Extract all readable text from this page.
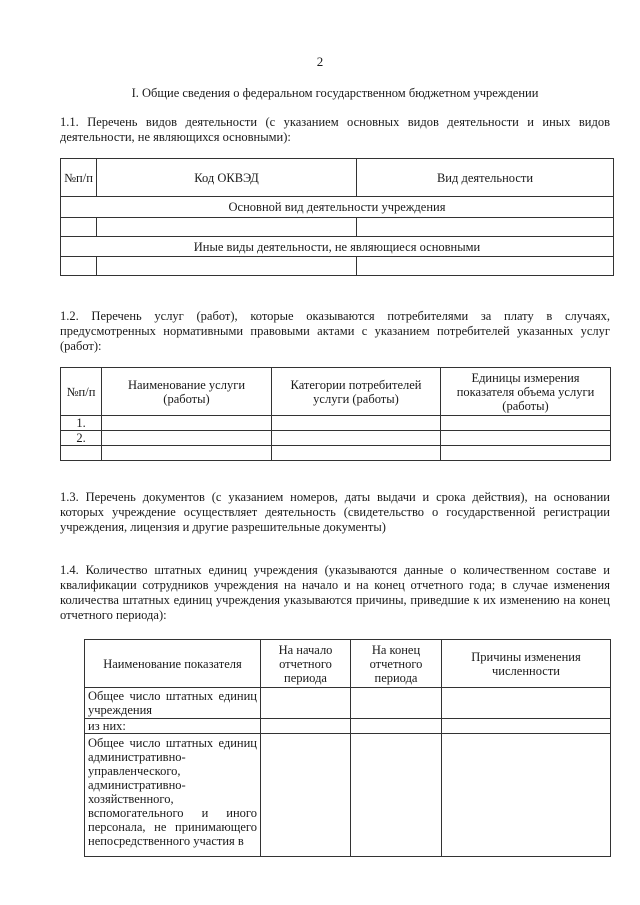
2
I. Общие сведения о федеральном государственном бюджетном учреждении
1.1. Перечень видов деятельности (с указанием основных видов деятельности и иных видов деятельности, не являющихся основными):
№п/п	Код ОКВЭД	Вид деятельности
Основной вид деятельности учреждения		

Иные виды деятельности, не являющиеся основными		

1.2. Перечень услуг (работ), которые оказываются потребителями за плату в случаях, предусмотренных нормативными правовыми актами с указанием потребителей указанных услуг (работ):
№п/п	Наименование услуги (работы)	Категории потребителей услуги (работы)	Единицы измерения показателя объема услуги (работы)
1.			
2.			

1.3. Перечень документов (с указанием номеров, даты выдачи и срока действия), на основании которых учреждение осуществляет деятельность (свидетельство о государственной регистрации учреждения, лицензия и другие разрешительные документы)
1.4. Количество штатных единиц учреждения (указываются данные о количественном составе и квалификации сотрудников учреждения на начало и на конец отчетного года; в случае изменения количества штатных единиц учреждения указываются причины, приведшие к их изменению на конец отчетного периода):
Наименование показателя	На начало отчетного периода	На конец отчетного периода	Причины изменения численности
Общее число штатных единиц учреждения			
из них:			
Общее число штатных единиц административно-управленческого, административно-хозяйственного, вспомогательного и иного персонала, не принимающего непосредственного участия в			
